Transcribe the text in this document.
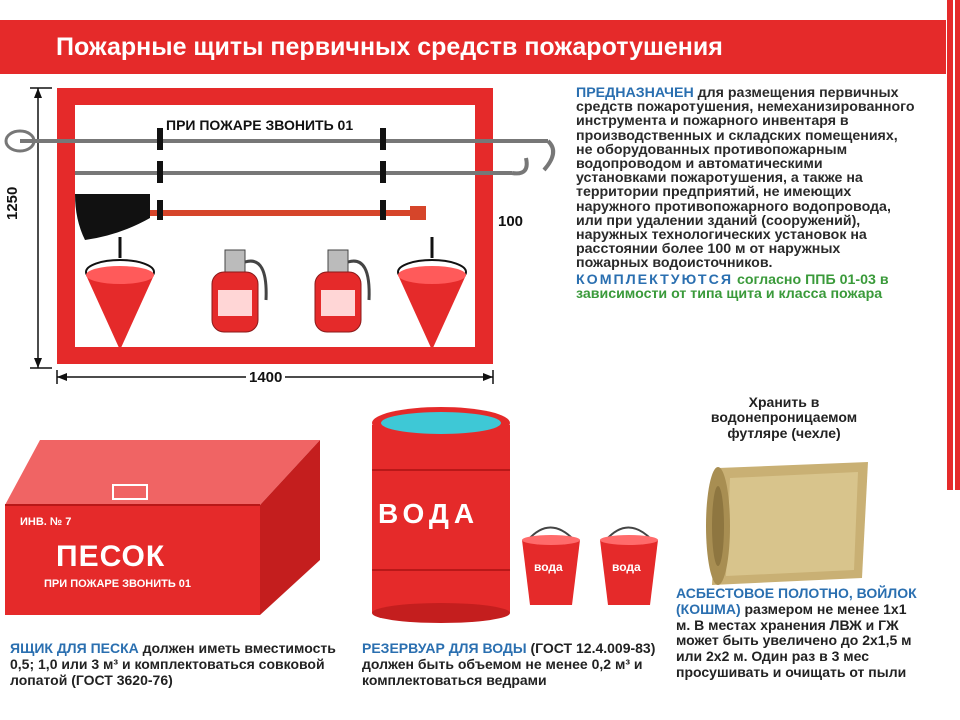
Пожарные щиты первичных средств пожаротушения
ПРИ ПОЖАРЕ ЗВОНИТЬ 01
1250
1400
100

ПРЕДНАЗНАЧЕН для размещения первичных средств пожаротушения, немеханизированного инструмента и пожарного инвентаря в производственных и складских помещениях, не оборудованных противопожарным водопроводом и автоматическими установками пожаротушения, а также на территории предприятий, не имеющих наружного противопожарного водопровода, или при удалении зданий (сооружений), наружных технологических установок на расстоянии более 100 м от наружных пожарных водоисточников.

КОМПЛЕКТУЮТСЯ согласно ППБ 01-03 в зависимости от типа щита и класса пожара

ИНВ. № 7
ПЕСОК
ПРИ ПОЖАРЕ ЗВОНИТЬ 01
ВОДА
вода	вода
Хранить в водонепроницаемом футляре (чехле)
ЯЩИК ДЛЯ ПЕСКА должен иметь вместимость 0,5; 1,0 или 3 м³ и комплектоваться совковой лопатой (ГОСТ 3620-76)
РЕЗЕРВУАР ДЛЯ ВОДЫ (ГОСТ 12.4.009-83) должен быть объемом не менее 0,2 м³ и комплектоваться ведрами
АСБЕСТОВОЕ ПОЛОТНО, ВОЙЛОК (КОШМА) размером не менее 1х1 м. В местах хранения ЛВЖ и ГЖ может быть увеличено до 2х1,5 м или 2х2 м. Один раз в 3 мес просушивать и очищать от пыли
